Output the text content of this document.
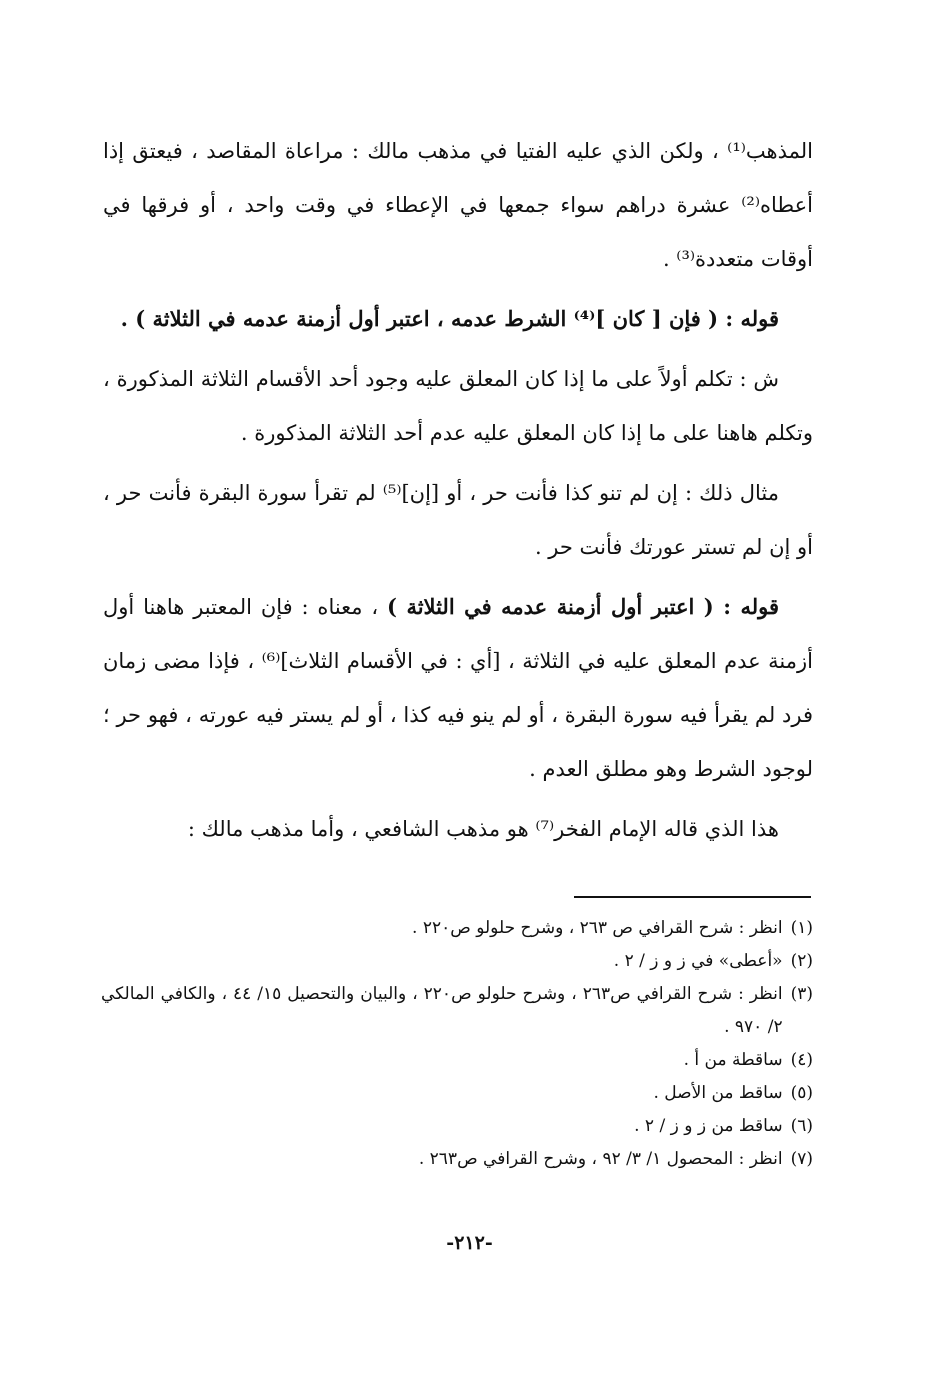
المذهب⁽¹⁾ ، ولكن الذي عليه الفتيا في مذهب مالك : مراعاة المقاصد ، فيعتق إذا أعطاه⁽²⁾ عشرة دراهم سواء جمعها في الإعطاء في وقت واحد ، أو فرقها في أوقات متعددة⁽³⁾ .

قوله : ( فإن [ كان ]⁽⁴⁾ الشرط عدمه ، اعتبر أول أزمنة عدمه في الثلاثة ) .

ش : تكلم أولاً على ما إذا كان المعلق عليه وجود أحد الأقسام الثلاثة المذكورة ، وتكلم هاهنا على ما إذا كان المعلق عليه عدم أحد الثلاثة المذكورة .

مثال ذلك : إن لم تنو كذا فأنت حر ، أو [إن]⁽⁵⁾ لم تقرأ سورة البقرة فأنت حر ، أو إن لم تستر عورتك فأنت حر .

قوله : ( اعتبر أول أزمنة عدمه في الثلاثة ) ، معناه : فإن المعتبر هاهنا أول أزمنة عدم المعلق عليه في الثلاثة ، [أي : في الأقسام الثلاث]⁽⁶⁾ ، فإذا مضى زمان فرد لم يقرأ فيه سورة البقرة ، أو لم ينو فيه كذا ، أو لم يستر فيه عورته ، فهو حر ؛ لوجود الشرط وهو مطلق العدم .

هذا الذي قاله الإمام الفخر⁽⁷⁾ هو مذهب الشافعي ، وأما مذهب مالك :

(١)
انظر : شرح القرافي ص ٢٦٣ ، وشرح حلولو ص٢٢٠ .
(٢)
«أعطى» في ز و ز / ٢ .
(٣)
انظر : شرح القرافي ص٢٦٣ ، وشرح حلولو ص٢٢٠ ، والبيان والتحصيل ١٥/ ٤٤ ، والكافي المالكي ٢/ ٩٧٠ .
(٤)
ساقطة من أ .
(٥)
ساقط من الأصل .
(٦)
ساقط من ز و ز / ٢ .
(٧)
انظر : المحصول ١/ ٣/ ٩٢ ، وشرح القرافي ص٢٦٣ .
-٢١٢-
